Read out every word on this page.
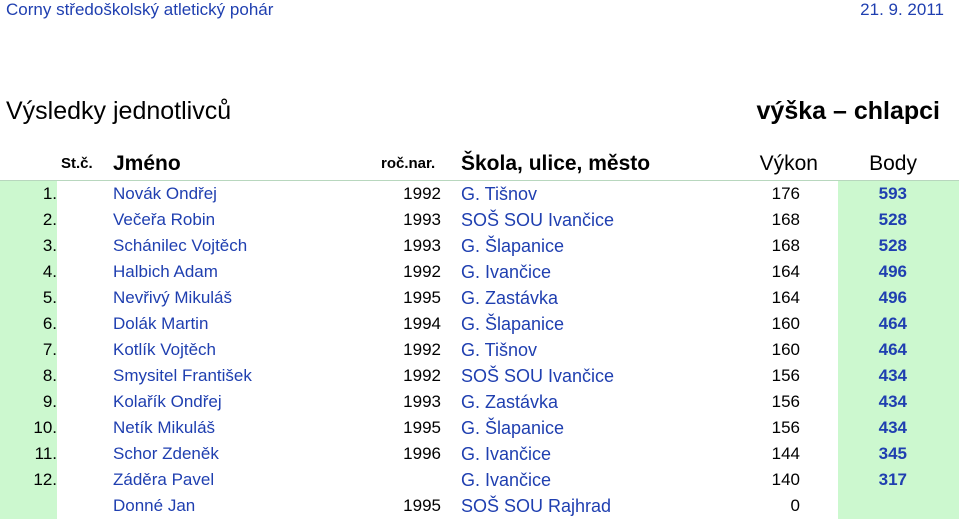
Corny středoškolský atletický pohár	21. 9. 2011
Výsledky jednotlivců	výška – chlapci
St.č. Jméno	roč.nar.	Škola, ulice, město	Výkon	Body
1.	Novák Ondřej	1992 G. Tišnov	176	593
2.	Večeřa Robin	1993 SOŠ SOU Ivančice	168	528
3.	Schánilec Vojtěch	1993 G. Šlapanice	168	528
4.	Halbich Adam	1992 G. Ivančice	164	496
5.	Nevřivý Mikuláš	1995 G. Zastávka	164	496
6.	Dolák Martin	1994 G. Šlapanice	160	464
7.	Kotlík Vojtěch	1992 G. Tišnov	160	464
8.	Smysitel František	1992 SOŠ SOU Ivančice	156	434
9.	Kolařík Ondřej	1993 G. Zastávka	156	434
10.	Netík Mikuláš	1995 G. Šlapanice	156	434
11.	Schor Zdeněk	1996 G. Ivančice	144	345
12.	Záděra Pavel	G. Ivančice	140	317
Donné Jan	1995 SOŠ SOU Rajhrad	0
